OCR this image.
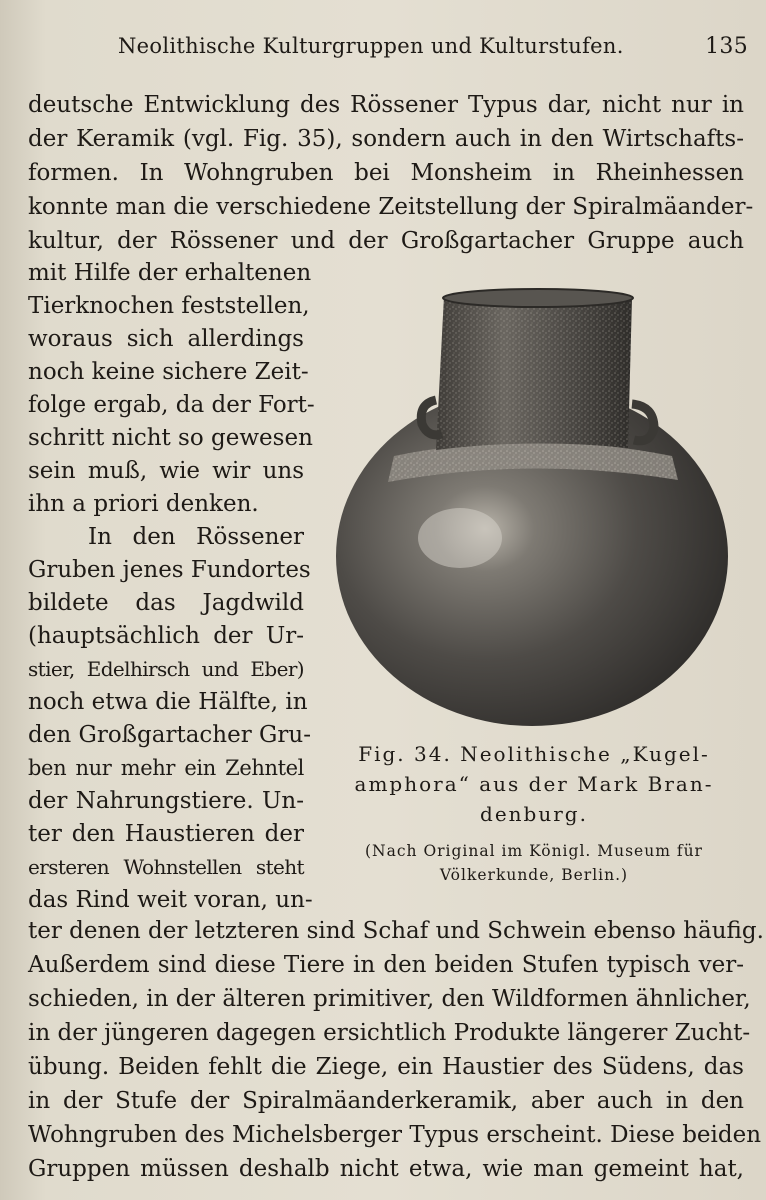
Neolithische Kulturgruppen und Kulturstufen.	135
deutsche Entwicklung des Rössener Typus dar, nicht nur in
der Keramik (vgl. Fig. 35), sondern auch in den Wirtschafts-
formen. In Wohngruben bei Monsheim in Rheinhessen
konnte man die verschiedene Zeitstellung der Spiralmäander-
kultur, der Rössener und der Großgartacher Gruppe auch
mit Hilfe der erhaltenen
Tierknochen feststellen,
woraus sich allerdings
noch keine sichere Zeit-
folge ergab, da der Fort-
schritt nicht so gewesen
sein muß, wie wir uns
ihn a priori denken.
In den Rössener
Gruben jenes Fundortes
bildete das Jagdwild
(hauptsächlich der Ur-
stier, Edelhirsch und Eber)
noch etwa die Hälfte, in
den Großgartacher Gru-
ben nur mehr ein Zehntel
der Nahrungstiere. Un-
ter den Haustieren der
ersteren Wohnstellen steht
das Rind weit voran, un-
Fig. 34. Neolithische „Kugel-
amphora“ aus der Mark Bran-
denburg.
(Nach Original im Königl. Museum für
Völkerkunde, Berlin.)
ter denen der letzteren sind Schaf und Schwein ebenso häufig.
Außerdem sind diese Tiere in den beiden Stufen typisch ver-
schieden, in der älteren primitiver, den Wildformen ähnlicher,
in der jüngeren dagegen ersichtlich Produkte längerer Zucht-
übung. Beiden fehlt die Ziege, ein Haustier des Südens, das
in der Stufe der Spiralmäanderkeramik, aber auch in den
Wohngruben des Michelsberger Typus erscheint. Diese beiden
Gruppen müssen deshalb nicht etwa, wie man gemeint hat,
